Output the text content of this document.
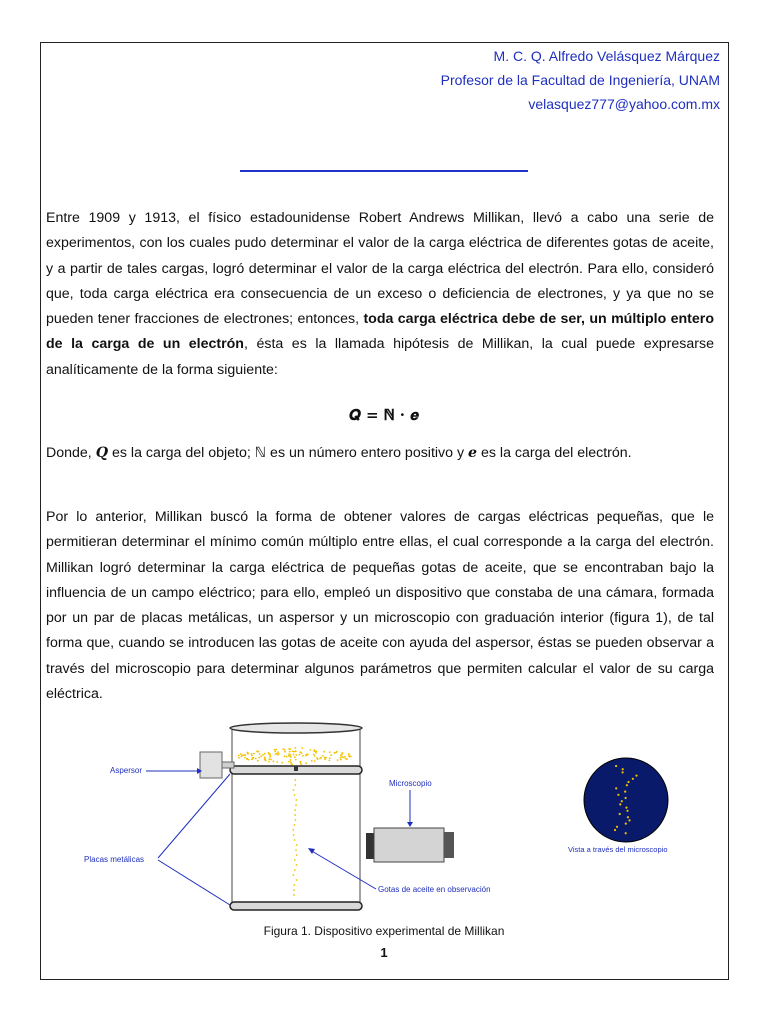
M. C. Q. Alfredo Velásquez Márquez
Profesor de la Facultad de Ingeniería, UNAM
velasquez777@yahoo.com.mx
Entre 1909 y 1913, el físico estadounidense Robert Andrews Millikan, llevó a cabo una serie de experimentos, con los cuales pudo determinar el valor de la carga eléctrica de diferentes gotas de aceite, y a partir de tales cargas, logró determinar el valor de la carga eléctrica del electrón. Para ello, consideró que, toda carga eléctrica era consecuencia de un exceso o deficiencia de electrones, y ya que no se pueden tener fracciones de electrones; entonces, toda carga eléctrica debe de ser, un múltiplo entero de la carga de un electrón, ésta es la llamada hipótesis de Millikan, la cual puede expresarse analíticamente de la forma siguiente:
𝑸 = ℕ · 𝒆
Donde, Q es la carga del objeto; ℕ es un número entero positivo y e es la carga del electrón.
Por lo anterior, Millikan buscó la forma de obtener valores de cargas eléctricas pequeñas, que le permitieran determinar el mínimo común múltiplo entre ellas, el cual corresponde a la carga del electrón. Millikan logró determinar la carga eléctrica de pequeñas gotas de aceite, que se encontraban bajo la influencia de un campo eléctrico; para ello, empleó un dispositivo que constaba de una cámara, formada por un par de placas metálicas, un aspersor y un microscopio con graduación interior (figura 1), de tal forma que, cuando se introducen las gotas de aceite con ayuda del aspersor, éstas se pueden observar a través del microscopio para determinar algunos parámetros que permiten calcular el valor de su carga eléctrica.
Aspersor
Placas metálicas
Microscopio
Gotas de aceite en observación
Vista a través del microscopio
Figura 1. Dispositivo experimental de Millikan
1
